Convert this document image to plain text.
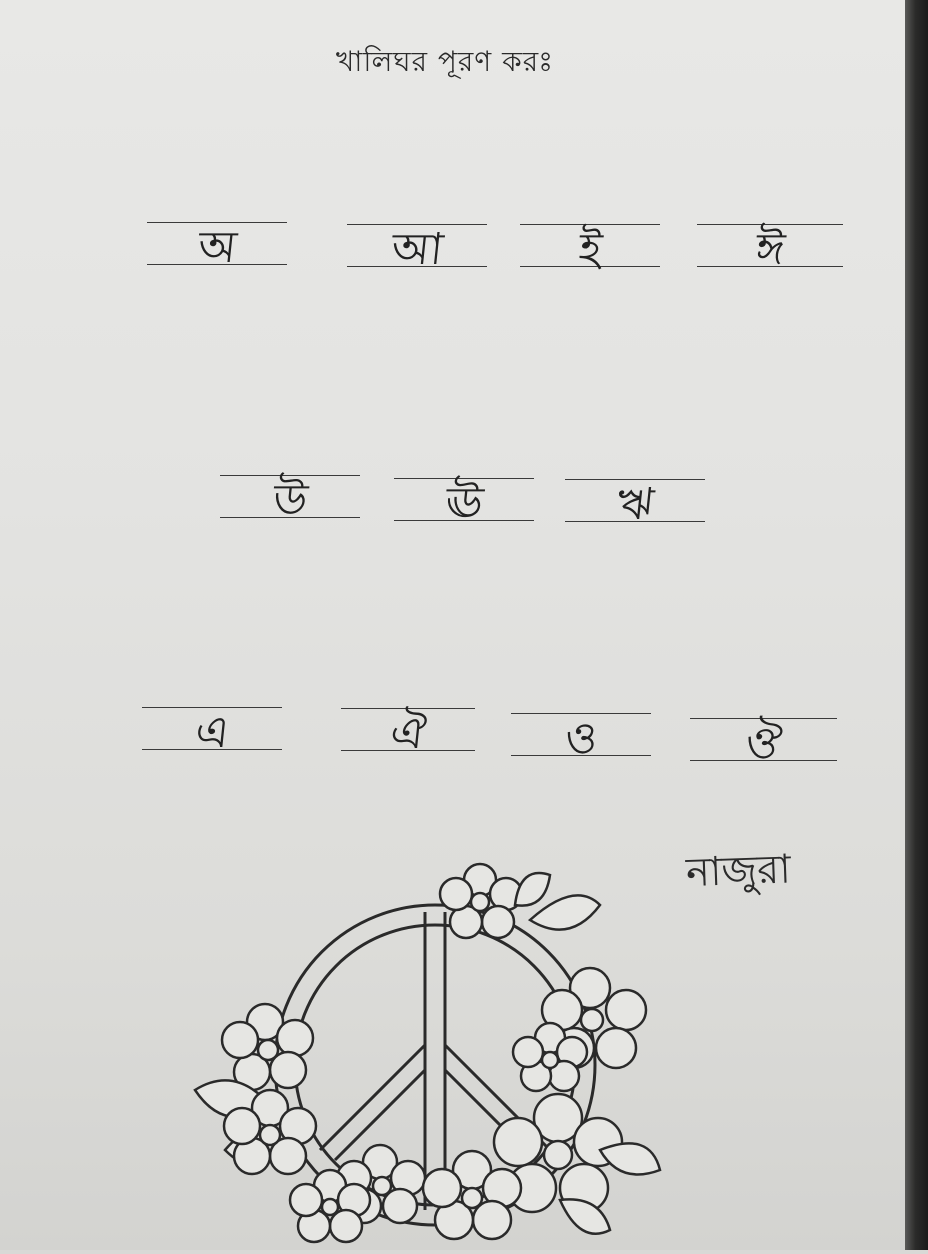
খালিঘর পূরণ করঃ
অ	আ	ই	ঈ
উ	ঊ	ঋ
এ	ঐ	ও	ঔ
নাজুরা
